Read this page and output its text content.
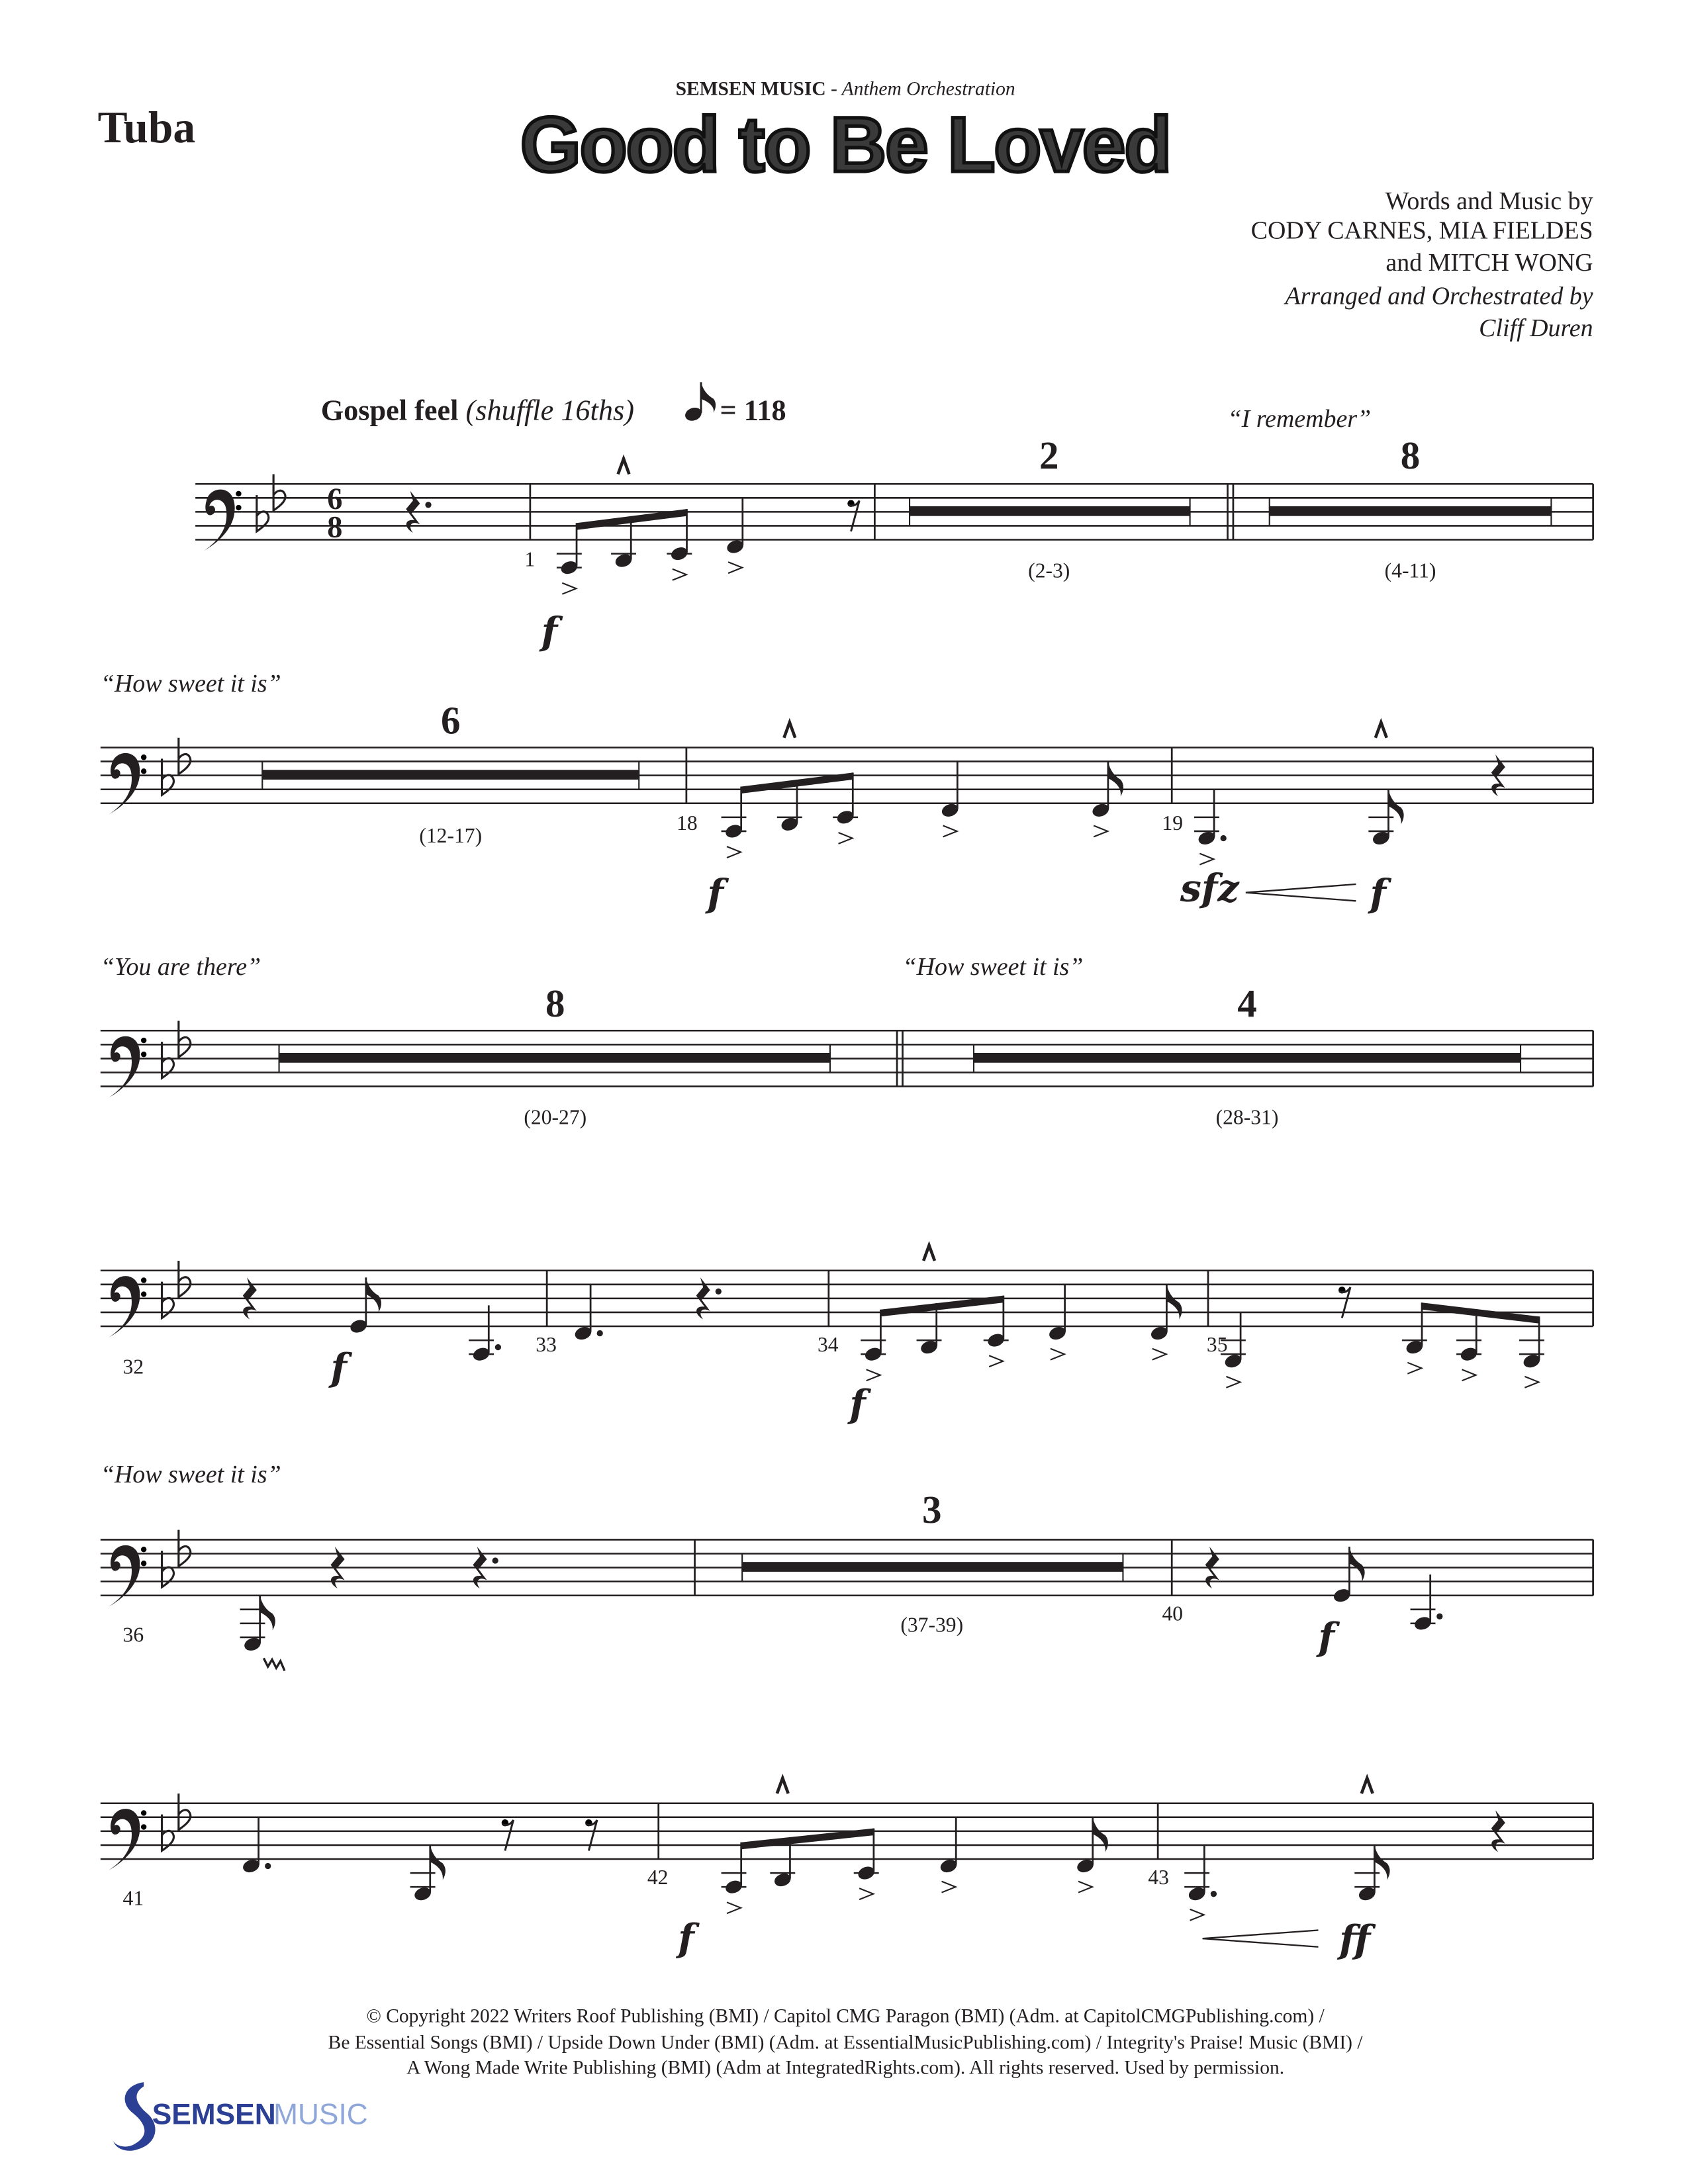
Tuba
SEMSEN MUSIC - Anthem Orchestration
Good to Be Loved
Words and Music by
CODY CARNES, MIA FIELDES
and MITCH WONG
Arranged and Orchestrated by
Cliff Duren
Gospel feel (shuffle 16ths)	= 118	“I remember”
“How sweet it is”
“You are there”	“How sweet it is”
“How sweet it is”
2
(2-3)
8
(4-11)
6
(12-17)
8
(20-27)
4
(28-31)
3
(37-39)
1
18	19
32
33	34	35
36
40
41
42	43
f
f	sfz	f
f
f
f
f	ff
6
8
© Copyright 2022 Writers Roof Publishing (BMI) / Capitol CMG Paragon (BMI) (Adm. at CapitolCMGPublishing.com) /
Be Essential Songs (BMI) / Upside Down Under (BMI) (Adm. at EssentialMusicPublishing.com) / Integrity's Praise! Music (BMI) /
A Wong Made Write Publishing (BMI) (Adm at IntegratedRights.com). All rights reserved. Used by permission.
SEMSEN
MUSIC
